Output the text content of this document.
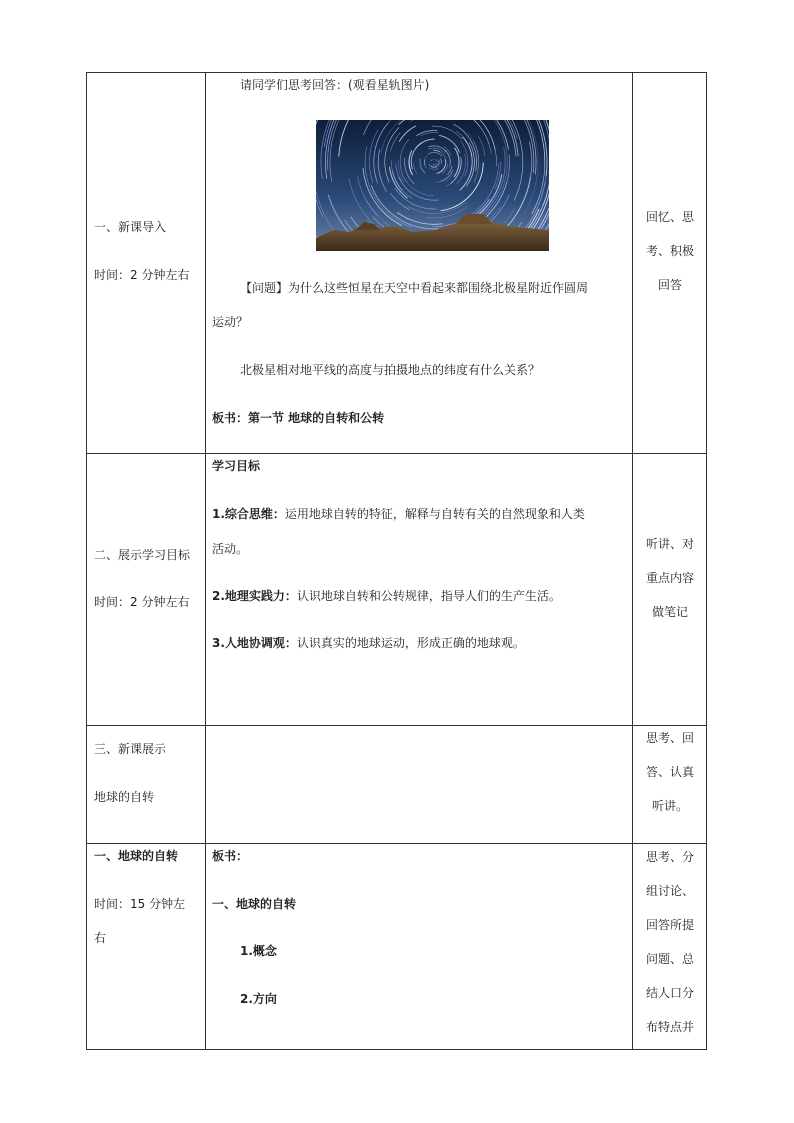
一、新课导入
时间：2 分钟左右
请同学们思考回答：(观看星轨图片)
【问题】为什么这些恒星在天空中看起来都围绕北极星附近作圆周
运动？
北极星相对地平线的高度与拍摄地点的纬度有什么关系？
板书：第一节 地球的自转和公转
回忆、思
考、积极
回答
二、展示学习目标
时间：2 分钟左右
学习目标
1.综合思维：运用地球自转的特征，解释与自转有关的自然现象和人类
活动。
2.地理实践力：认识地球自转和公转规律，指导人们的生产生活。
3.人地协调观：认识真实的地球运动，形成正确的地球观。
听讲、对
重点内容
做笔记
三、新课展示
地球的自转
思考、回
答、认真
听讲。
一、地球的自转
时间：15 分钟左
右
板书：
一、地球的自转
1.概念
2.方向
思考、分
组讨论、
回答所提
问题、总
结人口分
布特点并
